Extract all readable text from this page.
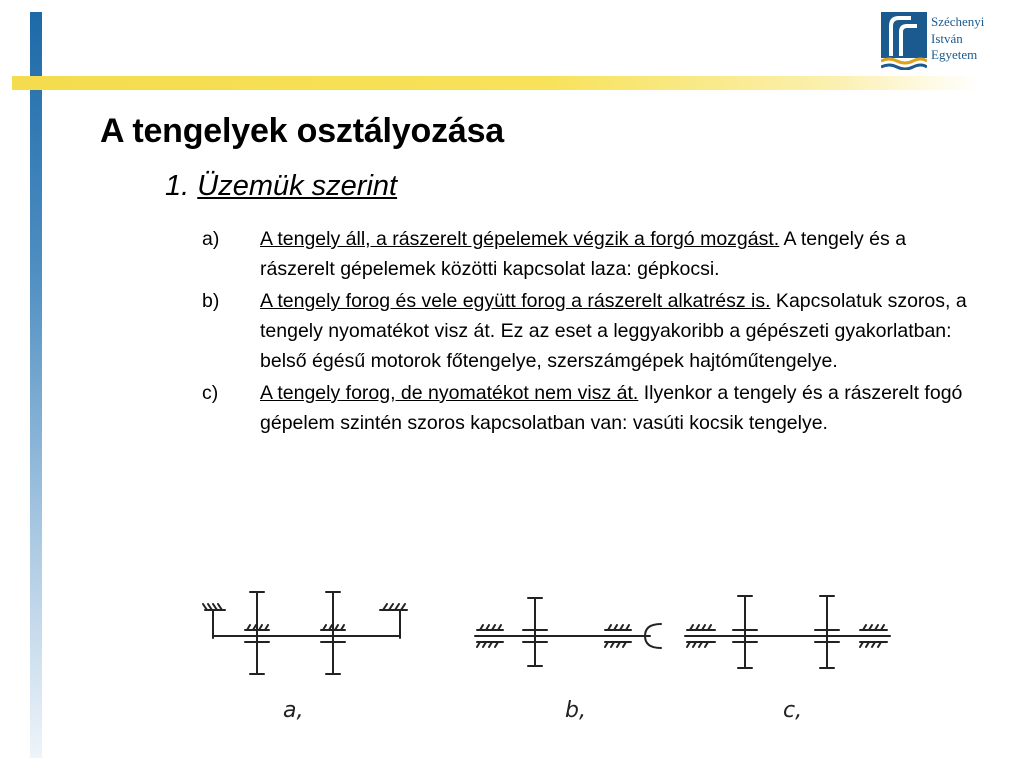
Széchenyi
István
Egyetem
A tengelyek osztályozása
1. Üzemük szerint
a) A tengely áll, a rászerelt gépelemek végzik a forgó mozgást. A tengely és a rászerelt gépelemek közötti kapcsolat laza: gépkocsi.
b) A tengely forog és vele együtt forog a rászerelt alkatrész is. Kapcsolatuk szoros, a tengely nyomatékot visz át. Ez az eset a leggyakoribb a gépészeti gyakorlatban: belső égésű motorok főtengelye, szerszámgépek hajtóműtengelye.
c) A tengely forog, de nyomatékot nem visz át. Ilyenkor a tengely és a rászerelt fogó gépelem szintén szoros kapcsolatban van: vasúti kocsik tengelye.
a,	b,	c,
